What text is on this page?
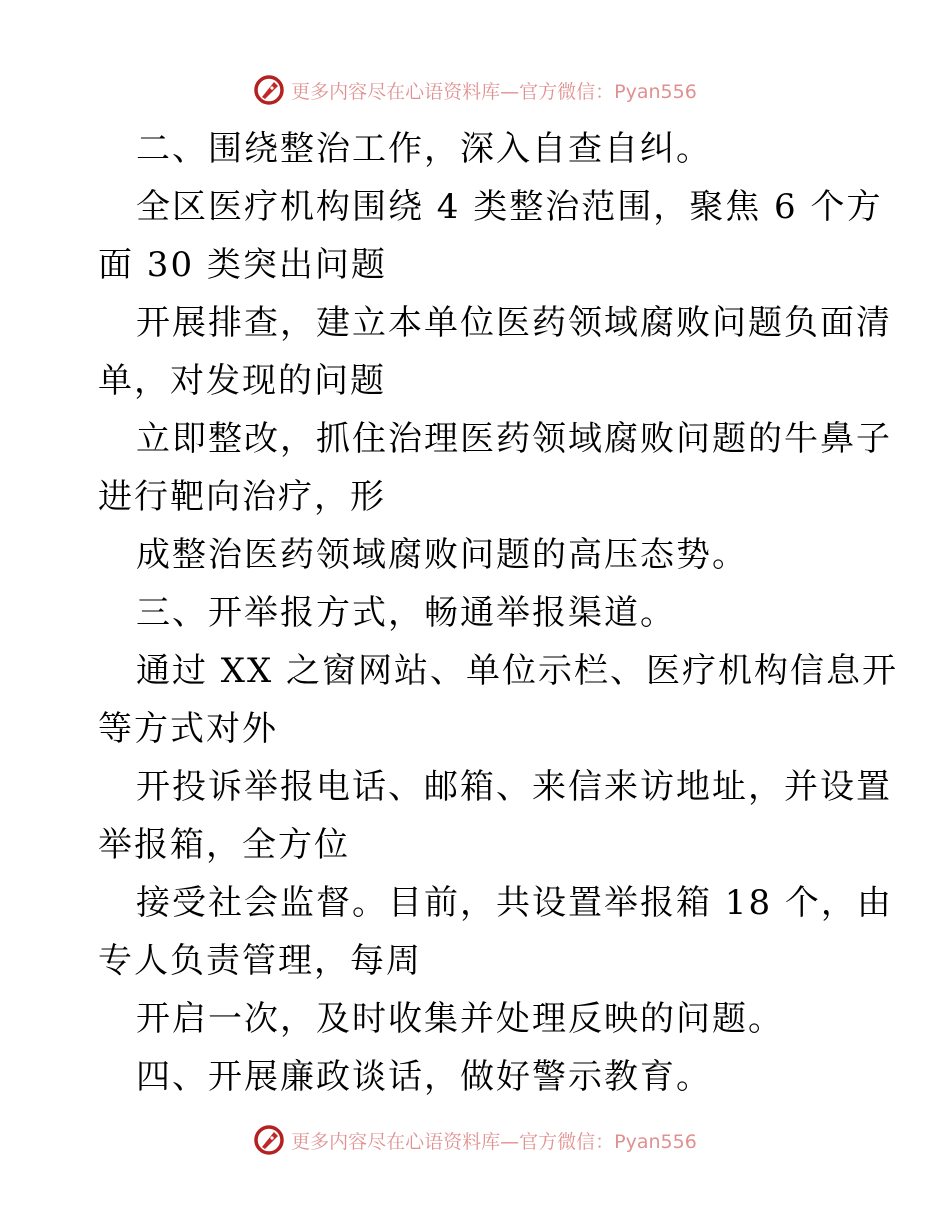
更多内容尽在心语资料库—官方微信：Pyan556
二、围绕整治工作，深入自查自纠。
全区医疗机构围绕 4 类整治范围，聚焦 6 个方
面 30 类突出问题
开展排查，建立本单位医药领域腐败问题负面清
单，对发现的问题
立即整改，抓住治理医药领域腐败问题的牛鼻子
进行靶向治疗，形
成整治医药领域腐败问题的高压态势。
三、开举报方式，畅通举报渠道。
通过 XX 之窗网站、单位示栏、医疗机构信息开
等方式对外
开投诉举报电话、邮箱、来信来访地址，并设置
举报箱，全方位
接受社会监督。目前，共设置举报箱 18 个，由
专人负责管理，每周
开启一次，及时收集并处理反映的问题。
四、开展廉政谈话，做好警示教育。
更多内容尽在心语资料库—官方微信：Pyan556
